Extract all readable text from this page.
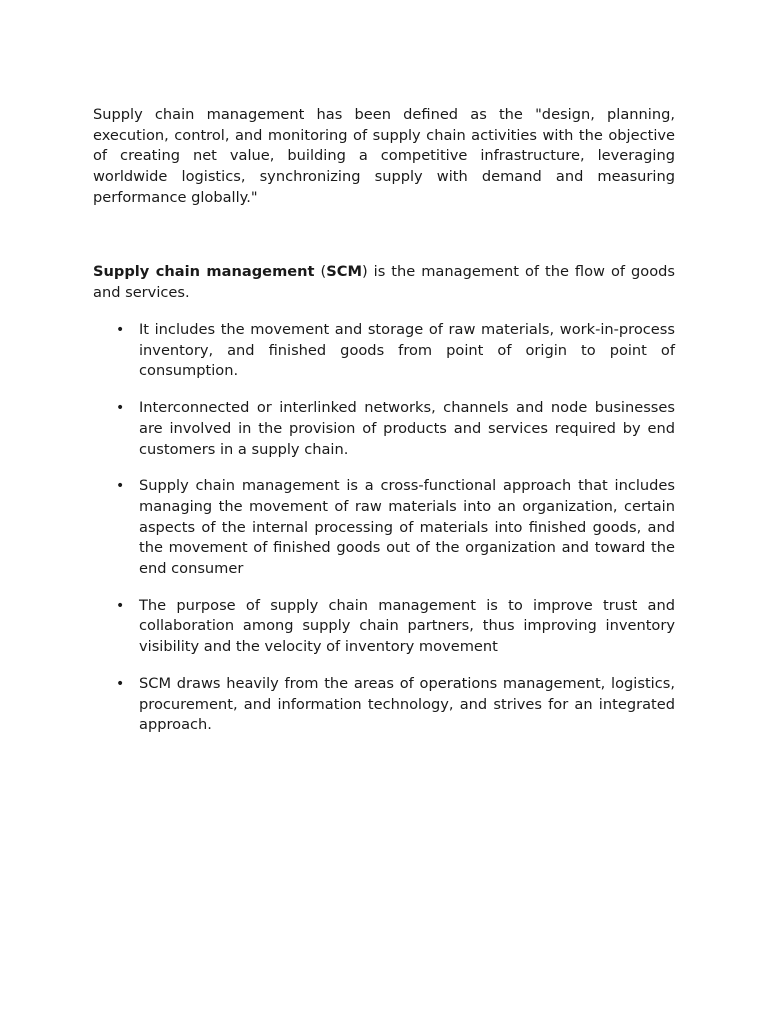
Supply chain management has been defined as the "design, planning, execution, control, and monitoring of supply chain activities with the objective of creating net value, building a competitive infrastructure, leveraging worldwide logistics, synchronizing supply with demand and measuring performance globally."

Supply chain management (SCM) is the management of the flow of goods and services.

• It includes the movement and storage of raw materials, work-in-process inventory, and finished goods from point of origin to point of consumption.
• Interconnected or interlinked networks, channels and node businesses are involved in the provision of products and services required by end customers in a supply chain.
• Supply chain management is a cross-functional approach that includes managing the movement of raw materials into an organization, certain aspects of the internal processing of materials into finished goods, and the movement of finished goods out of the organization and toward the end consumer
• The purpose of supply chain management is to improve trust and collaboration among supply chain partners, thus improving inventory visibility and the velocity of inventory movement
• SCM draws heavily from the areas of operations management, logistics, procurement, and information technology, and strives for an integrated approach.
